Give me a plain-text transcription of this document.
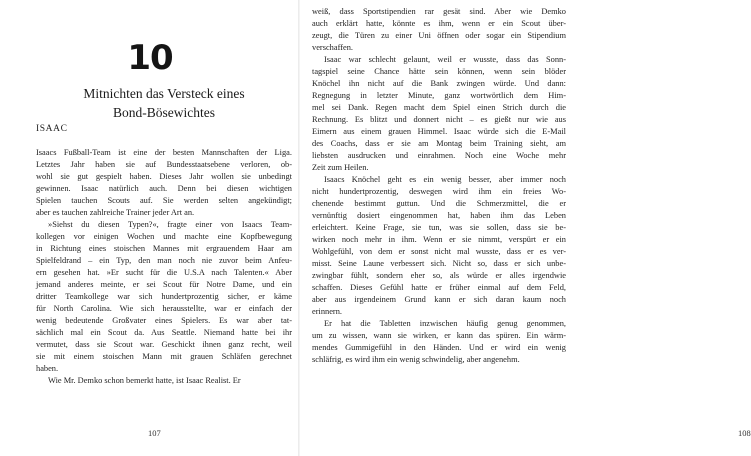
10
Mitnichten das Versteck eines
Bond-Bösewichtes
ISAAC
Isaacs Fußball-Team ist eine der besten Mannschaften der Liga.
Letztes Jahr haben sie auf Bundesstaatsebene verloren, ob-
wohl sie gut gespielt haben. Dieses Jahr wollen sie unbedingt
gewinnen. Isaac natürlich auch. Denn bei diesen wichtigen
Spielen tauchen Scouts auf. Sie werden selten angekündigt;
aber es tauchen zahlreiche Trainer jeder Art an.
»Siehst du diesen Typen?«, fragte einer von Isaacs Team-
kollegen vor einigen Wochen und machte eine Kopfbewegung
in Richtung eines stoischen Mannes mit ergrauendem Haar am
Spielfeldrand – ein Typ, den man noch nie zuvor beim Anfeu-
ern gesehen hat. »Er sucht für die U.S.A nach Talenten.« Aber
jemand anderes meinte, er sei Scout für Notre Dame, und ein
dritter Teamkollege war sich hundertprozentig sicher, er käme
für North Carolina. Wie sich herausstellte, war er einfach der
wenig bedeutende Großvater eines Spielers. Es war aber tat-
sächlich mal ein Scout da. Aus Seattle. Niemand hatte bei ihr
vermutet, dass sie Scout war. Geschickt ihnen ganz recht, weil
sie mit einem stoischen Mann mit grauen Schläfen gerechnet
haben.
Wie Mr. Demko schon bemerkt hatte, ist Isaac Realist. Er
107	108
weiß, dass Sportstipendien rar gesät sind. Aber wie Demko
auch erklärt hatte, könnte es ihm, wenn er ein Scout über-
zeugt, die Türen zu einer Uni öffnen oder sogar ein Stipendium
verschaffen.
Isaac war schlecht gelaunt, weil er wusste, dass das Sonn-
tagspiel seine Chance hätte sein können, wenn sein blöder
Knöchel ihn nicht auf die Bank zwingen würde. Und dann:
Regnegung in letzter Minute, ganz wortwörtlich dem Him-
mel sei Dank. Regen macht dem Spiel einen Strich durch die
Rechnung. Es blitzt und donnert nicht – es gießt nur wie aus
Eimern aus einem grauen Himmel. Isaac würde sich die E-Mail
des Coachs, dass er sie am Montag beim Training sieht, am
liebsten ausdrucken und einrahmen. Noch eine Woche mehr
Zeit zum Heilen.
Isaacs Knöchel geht es ein wenig besser, aber immer noch
nicht hundertprozentig, deswegen wird ihm ein freies Wo-
chenende bestimmt guttun. Und die Schmerzmittel, die er
vernünftig dosiert eingenommen hat, haben ihm das Leben
erleichtert. Keine Frage, sie tun, was sie sollen, dass sie be-
wirken noch mehr in ihm. Wenn er sie nimmt, verspürt er ein
Wohlgefühl, von dem er sonst nicht mal wusste, dass er es ver-
misst. Seine Laune verbessert sich. Nicht so, dass er sich unbe-
zwingbar fühlt, sondern eher so, als würde er alles irgendwie
schaffen. Dieses Gefühl hatte er früher einmal auf dem Feld,
aber aus irgendeinem Grund kann er sich daran kaum noch
erinnern.
Er hat die Tabletten inzwischen häufig genug genommen,
um zu wissen, wann sie wirken, er kann das spüren. Ein wärm-
mendes Gummigefühl in den Händen. Und er wird ein wenig
schläfrig, es wird ihm ein wenig schwindelig, aber angenehm.
